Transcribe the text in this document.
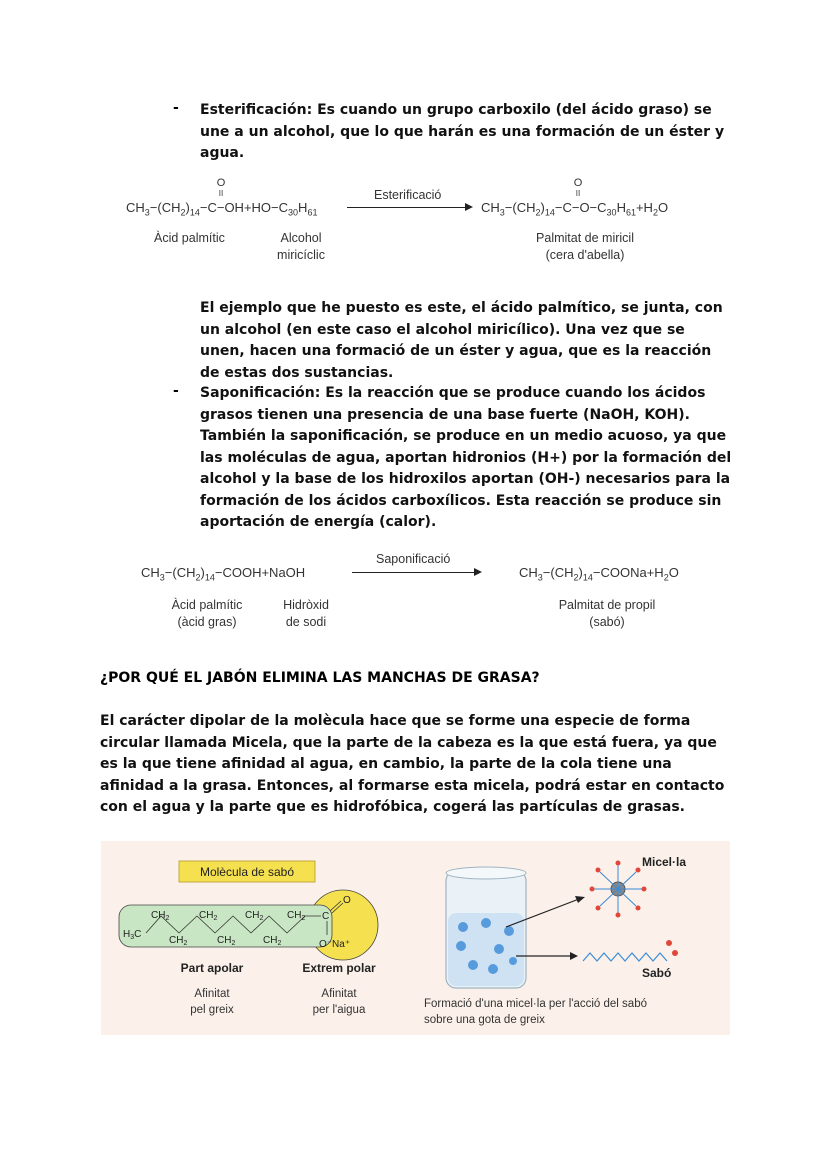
- Esterificación: Es cuando un grupo carboxilo (del ácido graso) se une a un alcohol, que lo que harán es una formación de un éster y agua.
O
II
$CH_3-(CH_2)_{14}-C-OH+HO-C_{30}H_{61}$
Esterificació
O
II
$CH_3-(CH_2)_{14}-C-O-C_{30}H_{61}+H_2O$
Àcid palmític	Alcohol
miricíclic
Palmitat de miricil
(cera d'abella)
El ejemplo que he puesto es este, el ácido palmítico, se junta, con un alcohol (en este caso el alcohol miricílico). Una vez que se unen, hacen una formació de un éster y agua, que es la reacción de estas dos sustancias.
- Saponificación: Es la reacción que se produce cuando los ácidos grasos tienen una presencia de una base fuerte (NaOH, KOH). También la saponificación, se produce en un medio acuoso, ya que las moléculas de agua, aportan hidronios (H+) por la formación del alcohol y la base de los hidroxilos aportan (OH-) necesarios para la formación de los ácidos carboxílicos. Esta reacción se produce sin aportación de energía (calor).
$CH_3-(CH_2)_{14}-COOH+NaOH$
Saponificació
$CH_3-(CH_2)_{14}-COONa+H_2O$
Àcid palmític
(àcid gras)
Hidròxid
de sodi
Palmitat de propil
(sabó)
¿POR QUÉ EL JABÓN ELIMINA LAS MANCHAS DE GRASA?
El carácter dipolar de la molècula hace que se forme una especie de forma circular llamada Micela, que la parte de la cabeza es la que está fuera, ya que es la que tiene afinidad al agua, en cambio, la parte de la cola tiene una afinidad a la grasa. Entonces, al formarse esta micela, podrá estar en contacto con el agua y la parte que es hidrofóbica, cogerá las partículas de grasas.
Molècula de sabó
$H_3C$
$CH_2$
$CH_2$
$CH_2$
$CH_2$
$CH_2$
$CH_2$
$CH_2$ C
O
O⁻Na⁺
Part apolar	Extrem polar
Afinitat
pel greix
Afinitat
per l'aigua
Micel·la
Sabó
Formació d'una micel·la per l'acció del sabó
sobre una gota de greix
